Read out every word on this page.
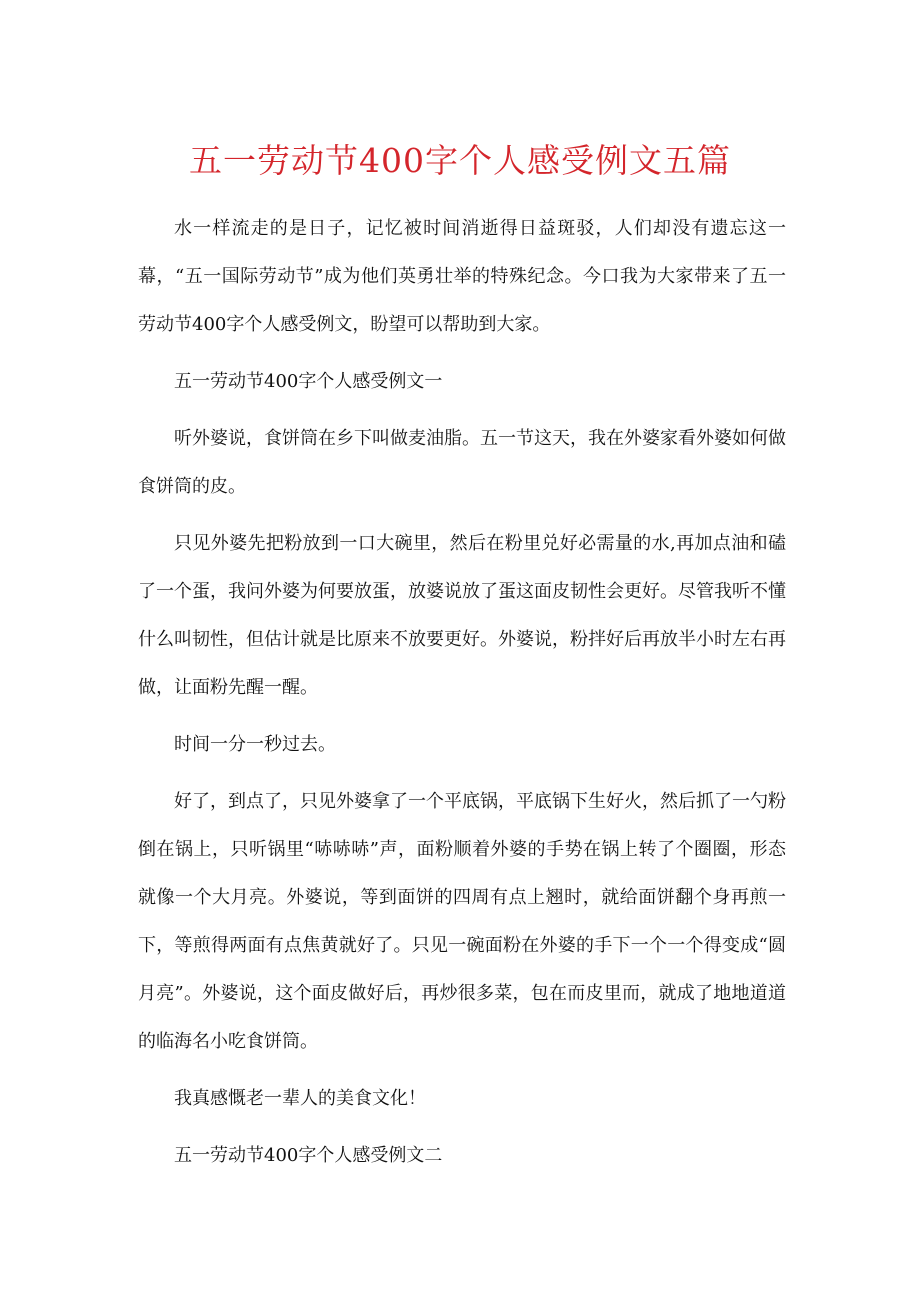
五一劳动节400字个人感受例文五篇

水一样流走的是日子，记忆被时间消逝得日益斑驳，人们却没有遗忘这一幕，“五一国际劳动节”成为他们英勇壮举的特殊纪念。今口我为大家带来了五一劳动节400字个人感受例文，盼望可以帮助到大家。

五一劳动节400字个人感受例文一

听外婆说，食饼筒在乡下叫做麦油脂。五一节这天，我在外婆家看外婆如何做食饼筒的皮。

只见外婆先把粉放到一口大碗里，然后在粉里兑好必需量的水,再加点油和磕了一个蛋，我问外婆为何要放蛋，放婆说放了蛋这面皮韧性会更好。尽管我听不懂什么叫韧性，但估计就是比原来不放要更好。外婆说，粉拌好后再放半小时左右再做，让面粉先醒一醒。

时间一分一秒过去。

好了，到点了，只见外婆拿了一个平底锅，平底锅下生好火，然后抓了一勺粉倒在锅上，只听锅里“哧哧哧”声，面粉顺着外婆的手势在锅上转了个圈圈，形态就像一个大月亮。外婆说，等到面饼的四周有点上翘时，就给面饼翻个身再煎一下，等煎得两面有点焦黄就好了。只见一碗面粉在外婆的手下一个一个得变成“圆月亮”。外婆说，这个面皮做好后，再炒很多菜，包在而皮里而，就成了地地道道的临海名小吃食饼筒。

我真感慨老一辈人的美食文化！

五一劳动节400字个人感受例文二
